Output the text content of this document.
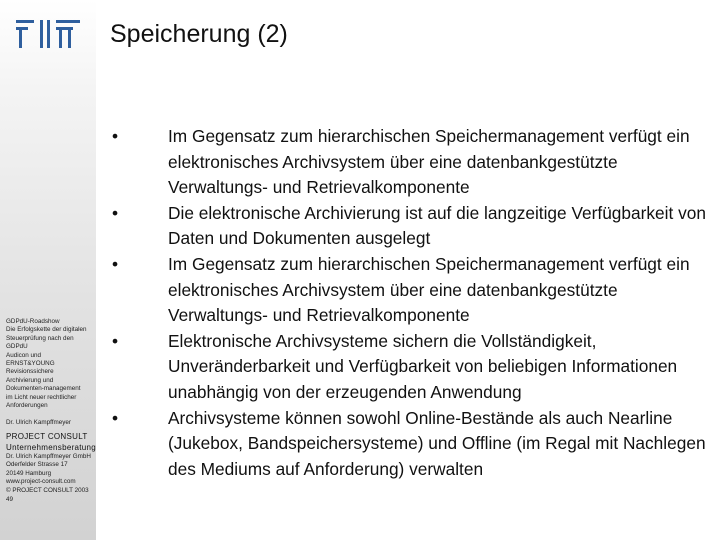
GDPdU-Roadshow
Die Erfolgskette der digitalen
Steuerprüfung nach den
GDPdU
Audicon und
ERNST&YOUNG
Revisionssichere
Archivierung und
Dokumenten-management
im Licht neuer rechtlicher
Anforderungen
Dr. Ulrich Kampffmeyer
PROJECT CONSULT
Unternehmensberatung
Dr. Ulrich Kampffmeyer GmbH
Oderfelder Strasse 17
20149 Hamburg
www.project-consult.com
© PROJECT CONSULT 2003
49
Speicherung (2)
•	Im Gegensatz zum hierarchischen Speichermanagement verfügt ein elektronisches Archivsystem über eine datenbankgestützte Verwaltungs- und Retrievalkomponente
•	Die elektronische Archivierung ist auf die langzeitige Verfügbarkeit von Daten und Dokumenten ausgelegt
•	Im Gegensatz zum hierarchischen Speichermanagement verfügt ein elektronisches Archivsystem über eine datenbankgestützte Verwaltungs- und Retrievalkomponente
•	Elektronische Archivsysteme sichern die Vollständigkeit, Unveränderbarkeit und Verfügbarkeit von beliebigen Informationen unabhängig von der erzeugenden Anwendung
•	Archivsysteme können sowohl Online-Bestände als auch Nearline (Jukebox, Bandspeichersysteme) und Offline (im Regal mit Nachlegen des Mediums auf Anforderung) verwalten
